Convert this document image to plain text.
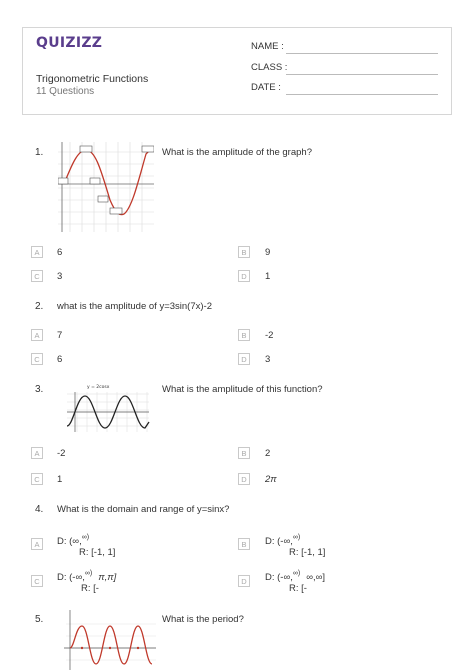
QUIZIZZ
Trigonometric Functions
11 Questions
NAME :
CLASS :
DATE :
1.	What is the amplitude of the graph?
A	6	B	9
C	3	D	1
2. what is the amplitude of y=3sin(7x)-2
A	7	B	-2
C	6	D	3
3.	y = 2cosx	What is the amplitude of this function?
A	-2	B	2
C	1	D	2π
4. What is the domain and range of y=sinx?
A	D: (∞,∞)
R: [-1, 1]
B	D: (-∞,∞)
R: [-1, 1]
C	D: (-∞,∞) π,π]
R: [-
D	D: (-∞,∞) ∞,∞]
R: [-
5.	What is the period?
